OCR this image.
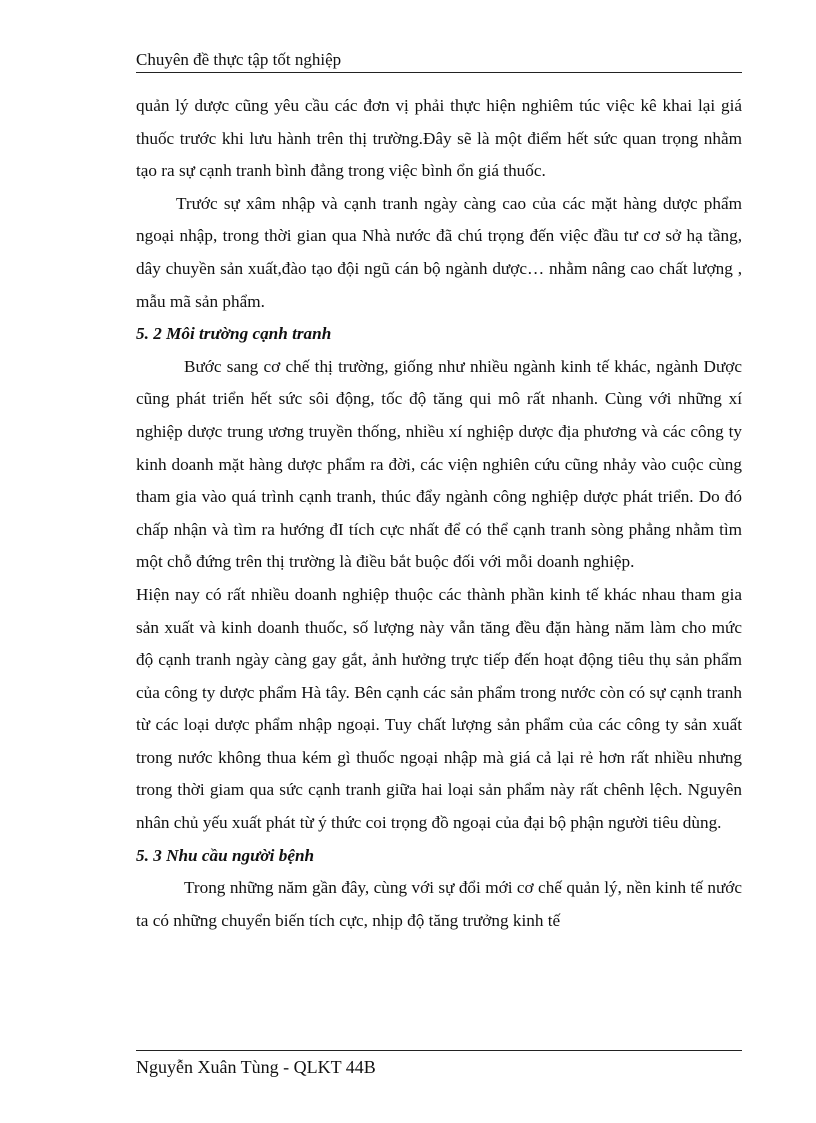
Chuyên đề thực tập tốt nghiệp

quản lý dược cũng yêu cầu các đơn vị phải thực hiện nghiêm túc việc kê khai lại giá thuốc trước khi lưu hành trên thị trường.Đây sẽ là một điểm hết sức quan trọng nhằm tạo ra sự cạnh tranh bình đẳng trong việc bình ổn giá thuốc.

Trước sự xâm nhập và cạnh tranh ngày càng cao của các mặt hàng dược phẩm ngoại nhập, trong thời gian qua Nhà nước đã chú trọng đến việc đầu tư cơ sở hạ tầng, dây chuyền sản xuất,đào tạo đội ngũ cán bộ ngành dược… nhằm nâng cao chất lượng , mẫu mã sản phẩm.

5. 2 Môi trường cạnh tranh

Bước sang cơ chế thị trường, giống như nhiều ngành kinh tế khác, ngành Dược cũng phát triển hết sức sôi động, tốc độ tăng qui mô rất nhanh. Cùng với những xí nghiệp dược trung ương truyền thống, nhiều xí nghiệp dược địa phương và các công ty kinh doanh mặt hàng dược phẩm ra đời, các viện nghiên cứu cũng nhảy vào cuộc cùng tham gia vào quá trình cạnh tranh, thúc đẩy ngành công nghiệp dược phát triển. Do đó chấp nhận và tìm ra hướng đI tích cực nhất để có thể cạnh tranh sòng phẳng nhằm tìm một chỗ đứng trên thị trường là điều bắt buộc đối với mỗi doanh nghiệp.

Hiện nay có rất nhiều doanh nghiệp thuộc các thành phần kinh tế khác nhau tham gia sản xuất và kinh doanh thuốc, số lượng này vẫn tăng đều đặn hàng năm làm cho mức độ cạnh tranh ngày càng gay gắt, ảnh hưởng trực tiếp đến hoạt động tiêu thụ sản phẩm của công ty dược phẩm Hà tây. Bên cạnh các sản phẩm trong nước còn có sự cạnh tranh từ các loại dược phẩm nhập ngoại. Tuy chất lượng sản phẩm của các công ty sản xuất trong nước không thua kém gì thuốc ngoại nhập mà giá cả lại rẻ hơn rất nhiều nhưng trong thời giam qua sức cạnh tranh giữa hai loại sản phẩm này rất chênh lệch. Nguyên nhân chủ yếu xuất phát từ ý thức coi trọng đồ ngoại của đại bộ phận người tiêu dùng.

5. 3 Nhu cầu người bệnh

Trong những năm gần đây, cùng với sự đổi mới cơ chế quản lý, nền kinh tế nước ta có những chuyển biến tích cực, nhịp độ tăng trưởng kinh tế

Nguyễn Xuân Tùng - QLKT 44B
